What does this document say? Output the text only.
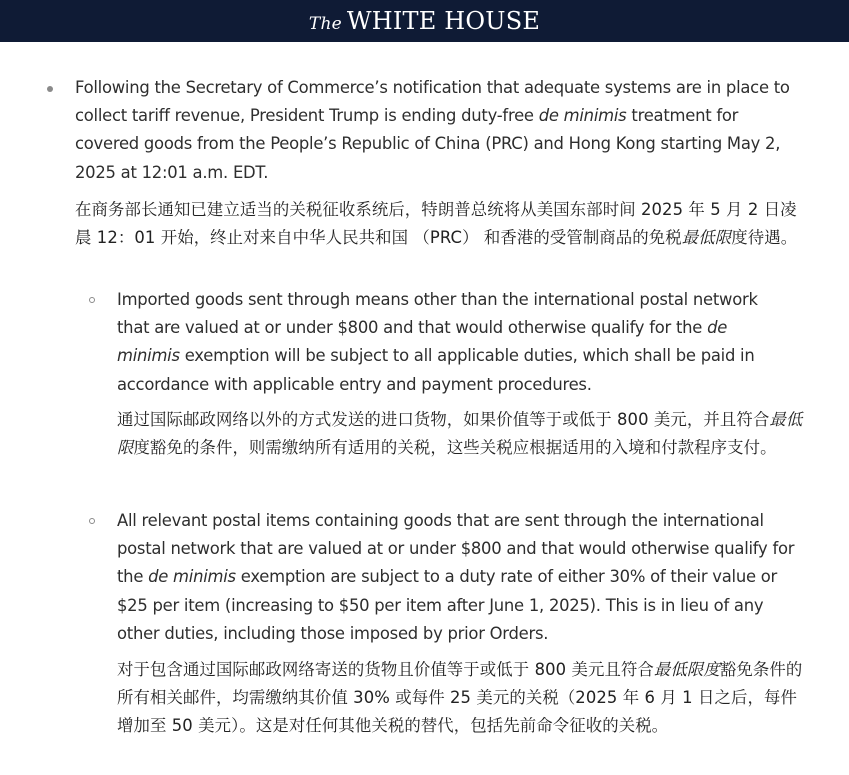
The WHITE HOUSE
Following the Secretary of Commerce’s notification that adequate systems are in place to collect tariff revenue, President Trump is ending duty-free de minimis treatment for covered goods from the People’s Republic of China (PRC) and Hong Kong starting May 2, 2025 at 12:01 a.m. EDT.
在商务部长通知已建立适当的关税征收系统后，特朗普总统将从美国东部时间 2025 年 5 月 2 日凌晨 12：01 开始，终止对来自中华人民共和国 （PRC） 和香港的受管制商品的免税最低限度待遇。
Imported goods sent through means other than the international postal network that are valued at or under $800 and that would otherwise qualify for the de minimis exemption will be subject to all applicable duties, which shall be paid in accordance with applicable entry and payment procedures.
通过国际邮政网络以外的方式发送的进口货物，如果价值等于或低于 800 美元，并且符合最低限度豁免的条件，则需缴纳所有适用的关税，这些关税应根据适用的入境和付款程序支付。
All relevant postal items containing goods that are sent through the international postal network that are valued at or under $800 and that would otherwise qualify for the de minimis exemption are subject to a duty rate of either 30% of their value or $25 per item (increasing to $50 per item after June 1, 2025). This is in lieu of any other duties, including those imposed by prior Orders.
对于包含通过国际邮政网络寄送的货物且价值等于或低于 800 美元且符合最低限度豁免条件的所有相关邮件，均需缴纳其价值 30% 或每件 25 美元的关税（2025 年 6 月 1 日之后，每件增加至 50 美元）。这是对任何其他关税的替代，包括先前命令征收的关税。
